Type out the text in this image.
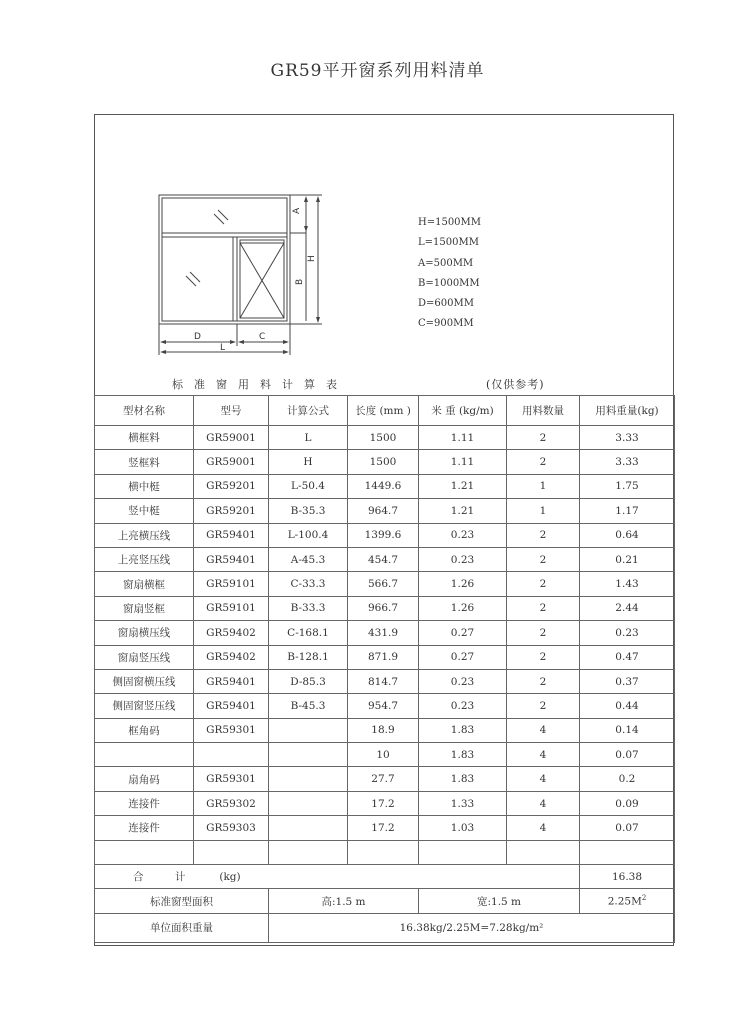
GR59平开窗系列用料清单
A
B
H
D	C
L
H=1500MM
L=1500MM
A=500MM
B=1000MM
D=600MM
C=900MM
标准窗用料计算表	(仅供参考)
型材名称	型号	计算公式	长度 (mm )	米 重 (kg/m)	用料数量	用料重量(kg)
横框料	GR59001	L	1500	1.11	2	3.33
竖框料	GR59001	H	1500	1.11	2	3.33
横中梃	GR59201	L-50.4	1449.6	1.21	1	1.75
竖中梃	GR59201	B-35.3	964.7	1.21	1	1.17
上亮横压线	GR59401	L-100.4	1399.6	0.23	2	0.64
上亮竖压线	GR59401	A-45.3	454.7	0.23	2	0.21
窗扇横框	GR59101	C-33.3	566.7	1.26	2	1.43
窗扇竖框	GR59101	B-33.3	966.7	1.26	2	2.44
窗扇横压线	GR59402	C-168.1	431.9	0.27	2	0.23
窗扇竖压线	GR59402	B-128.1	871.9	0.27	2	0.47
侧固窗横压线	GR59401	D-85.3	814.7	0.23	2	0.37
侧固窗竖压线	GR59401	B-45.3	954.7	0.23	2	0.44
框角码	GR59301		18.9	1.83	4	0.14
			10	1.83	4	0.07
扇角码	GR59301		27.7	1.83	4	0.2
连接件	GR59302		17.2	1.33	4	0.09
连接件	GR59303		17.2	1.03	4	0.07

合 计 (kg)						16.38
标准窗型面积		高:1.5 m		宽:1.5 m		$2.25M^2$
单位面积重量		16.38kg/2.25M=7.28kg/m²				
